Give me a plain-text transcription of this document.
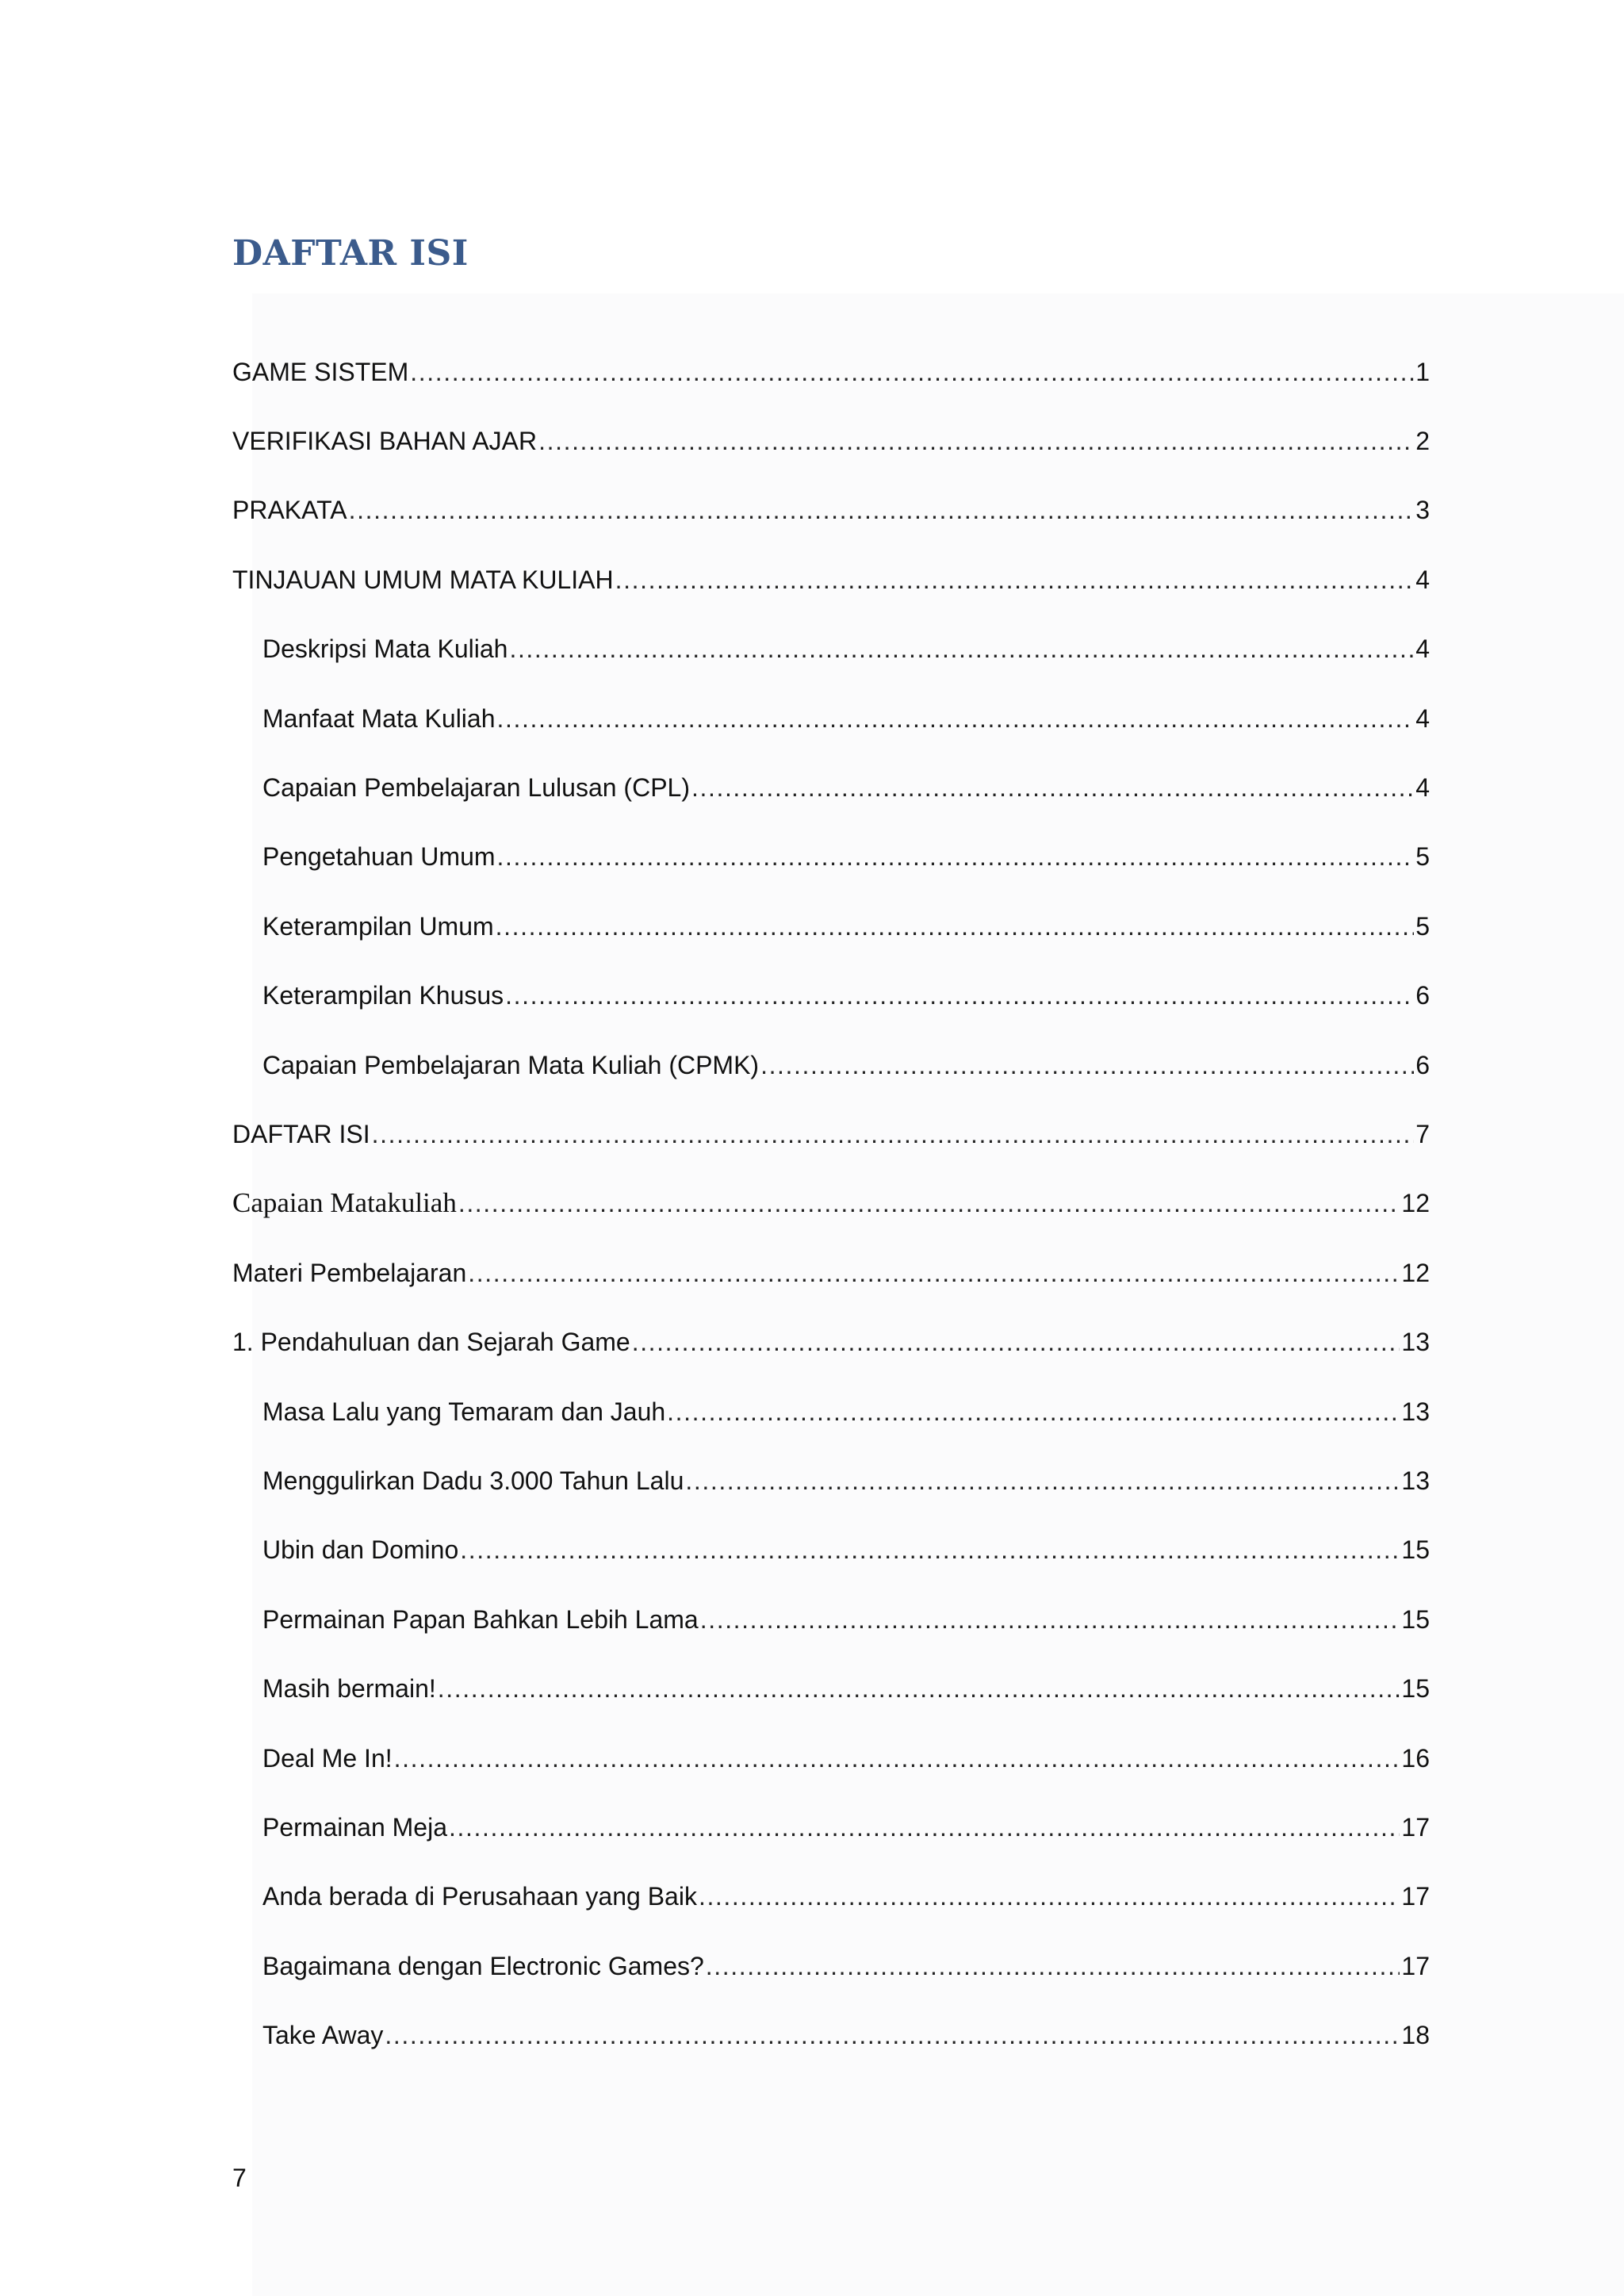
DAFTAR ISI
GAME SISTEM .....	1
VERIFIKASI BAHAN AJAR .....	2
PRAKATA .....	3
TINJAUAN UMUM MATA KULIAH .....	4
Deskripsi Mata Kuliah .....	4
Manfaat Mata Kuliah .....	4
Capaian Pembelajaran Lulusan (CPL) .....	4
Pengetahuan Umum .....	5
Keterampilan Umum .....	5
Keterampilan Khusus .....	6
Capaian Pembelajaran Mata Kuliah (CPMK) .....	6
DAFTAR ISI .....	7
Capaian Matakuliah .....	12
Materi Pembelajaran .....	12
1. Pendahuluan dan Sejarah Game .....	13
Masa Lalu yang Temaram dan Jauh .....	13
Menggulirkan Dadu 3.000 Tahun Lalu .....	13
Ubin dan Domino .....	15
Permainan Papan Bahkan Lebih Lama .....	15
Masih bermain! .....	15
Deal Me In! .....	16
Permainan Meja .....	17
Anda berada di Perusahaan yang Baik .....	17
Bagaimana dengan Electronic Games? .....	17
Take Away .....	18
7
